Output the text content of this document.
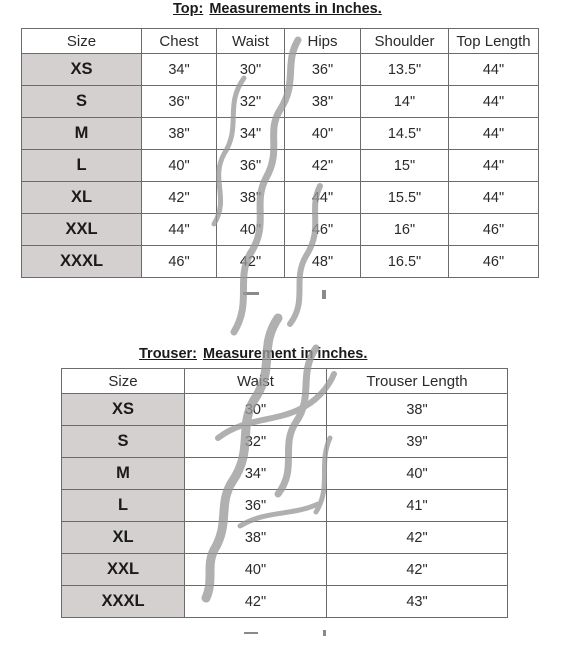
Top: Measurements in Inches.
Size	Chest	Waist	Hips	Shoulder	Top Length
XS	34"	30"	36"	13.5"	44"
S	36"	32"	38"	14"	44"
M	38"	34"	40"	14.5"	44"
L	40"	36"	42"	15"	44"
XL	42"	38"	44"	15.5"	44"
XXL	44"	40"	46"	16"	46"
XXXL	46"	42"	48"	16.5"	46"
Trouser: Measurement in inches.
Size	Waist	Trouser Length
XS	30"	38"
S	32"	39"
M	34"	40"
L	36"	41"
XL	38"	42"
XXL	40"	42"
XXXL	42"	43"
